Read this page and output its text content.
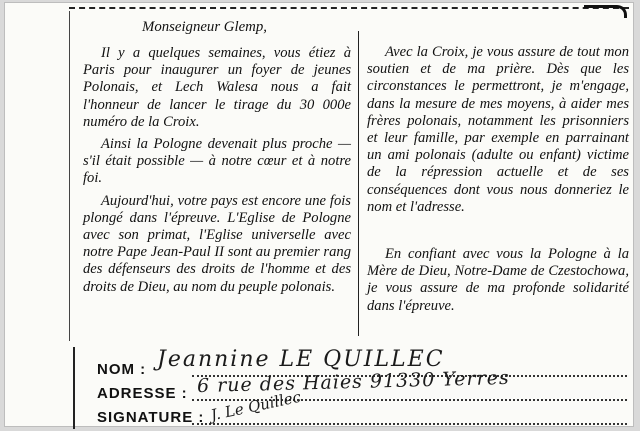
Monseigneur Glemp,

Il y a quelques semaines, vous étiez à Paris pour inaugurer un foyer de jeunes Polonais, et Lech Walesa nous a fait l'honneur de lancer le tirage du 30 000e numéro de la Croix.

Ainsi la Pologne devenait plus proche — s'il était possible — à notre cœur et à notre foi.

Aujourd'hui, votre pays est encore une fois plongé dans l'épreuve. L'Eglise de Pologne avec son primat, l'Eglise universelle avec notre Pape Jean-Paul II sont au premier rang des défenseurs des droits de l'homme et des droits de Dieu, au nom du peuple polonais.

Avec la Croix, je vous assure de tout mon soutien et de ma prière. Dès que les circonstances le permettront, je m'engage, dans la mesure de mes moyens, à aider mes frères polonais, notamment les prisonniers et leur famille, par exemple en parrainant un ami polonais (adulte ou enfant) victime de la répression actuelle et de ses conséquences dont vous nous donneriez le nom et l'adresse.

En confiant avec vous la Pologne à la Mère de Dieu, Notre-Dame de Czestochowa, je vous assure de ma profonde solidarité dans l'épreuve.

NOM : Jeannine LE QUILLEC
ADRESSE : 6 rue des Haies 91330 Yerres
SIGNATURE : J. Le Quillec
